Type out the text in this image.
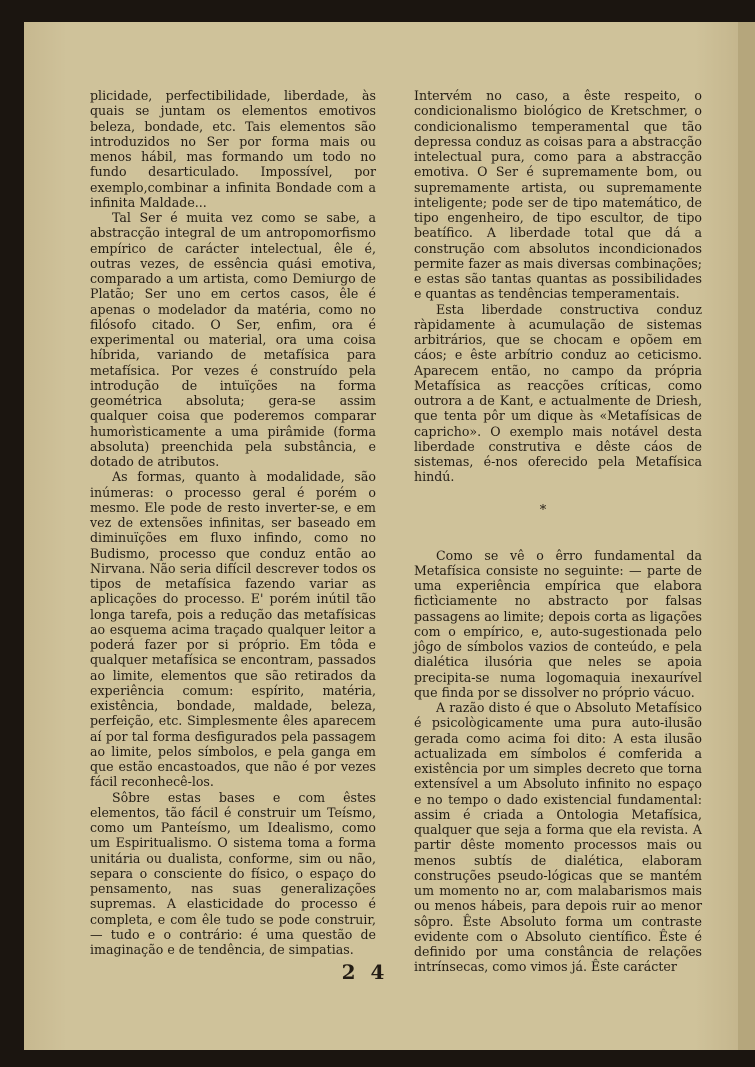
plicidade, perfectibilidade, liberdade, às quais se juntam os elementos emotivos beleza, bondade, etc. Tais elementos são introduzidos no Ser por forma mais ou menos hábil, mas formando um todo no fundo desarticulado. Impossível, por exemplo,combinar a infinita Bondade com a infinita Maldade...

Tal Ser é muita vez como se sabe, a abstracção integral de um antropomorfismo empírico de carácter intelectual, êle é, outras vezes, de essência quási emotiva, comparado a um artista, como Demiurgo de Platão; Ser uno em certos casos, êle é apenas o modelador da matéria, como no filósofo citado. O Ser, enfim, ora é experimental ou material, ora uma coisa híbrida, variando de metafísica para metafísica. Por vezes é construído pela introdução de intuïções na forma geométrica absoluta; gera-se assim qualquer coisa que poderemos comparar humorìsticamente a uma pirâmide (forma absoluta) preenchida pela substância, e dotado de atributos.

As formas, quanto à modalidade, são inúmeras: o processo geral é porém o mesmo. Ele pode de resto inverter-se, e em vez de extensões infinitas, ser baseado em diminuïções em fluxo infindo, como no Budismo, processo que conduz então ao Nirvana. Não seria difícil descrever todos os tipos de metafísica fazendo variar as aplicações do processo. E' porém inútil tão longa tarefa, pois a redução das metafísicas ao esquema acima traçado qualquer leitor a poderá fazer por si próprio. Em tôda e qualquer metafísica se encontram, passados ao limite, elementos que são retirados da experiência comum: espírito, matéria, existência, bondade, maldade, beleza, perfeição, etc. Simplesmente êles aparecem aí por tal forma desfigurados pela passagem ao limite, pelos símbolos, e pela ganga em que estão encastoados, que não é por vezes fácil reconhecê-los.

Sôbre estas bases e com êstes elementos, tão fácil é construir um Teísmo, como um Panteísmo, um Idealismo, como um Espiritualismo. O sistema toma a forma unitária ou dualista, conforme, sim ou não, separa o consciente do físico, o espaço do pensamento, nas suas generalizações supremas. A elasticidade do processo é completa, e com êle tudo se pode construir, — tudo e o contrário: é uma questão de imaginação e de tendência, de simpatias.

Intervém no caso, a êste respeito, o condicionalismo biológico de Kretschmer, o condicionalismo temperamental que tão depressa conduz as coisas para a abstracção intelectual pura, como para a abstracção emotiva. O Ser é supremamente bom, ou supremamente artista, ou supremamente inteligente; pode ser de tipo matemático, de tipo engenheiro, de tipo escultor, de tipo beatífico. A liberdade total que dá a construção com absolutos incondicionados permite fazer as mais diversas combinações; e estas são tantas quantas as possibilidades e quantas as tendências temperamentais.

Esta liberdade constructiva conduz ràpidamente à acumulação de sistemas arbitrários, que se chocam e opõem em cáos; e êste arbítrio conduz ao ceticismo. Aparecem então, no campo da própria Metafísica as reacções críticas, como outrora a de Kant, e actualmente de Driesh, que tenta pôr um dique às «Metafísicas de capricho». O exemplo mais notável desta liberdade construtiva e dêste cáos de sistemas, é-nos oferecido pela Metafísica hindú.

*

Como se vê o êrro fundamental da Metafísica consiste no seguinte: — parte de uma experiência empírica que elabora fictìciamente no abstracto por falsas passagens ao limite; depois corta as ligações com o empírico, e, auto-sugestionada pelo jôgo de símbolos vazios de conteúdo, e pela dialética ilusória que neles se apoia precipita-se numa logomaquia inexaurível que finda por se dissolver no próprio vácuo.

A razão disto é que o Absoluto Metafísico é psicològicamente uma pura auto-ilusão gerada como acima foi dito: A esta ilusão actualizada em símbolos é comferida a existência por um simples decreto que torna extensível a um Absoluto infinito no espaço e no tempo o dado existencial fundamental: assim é criada a Ontologia Metafísica, qualquer que seja a forma que ela revista. A partir dêste momento processos mais ou menos subtís de dialética, elaboram construções pseudo-lógicas que se mantém um momento no ar, com malabarismos mais ou menos hábeis, para depois ruir ao menor sôpro. Êste Absoluto forma um contraste evidente com o Absoluto científico. Êste é definido por uma constância de relações intrínsecas, como vimos já. Êste carácter

2 4
